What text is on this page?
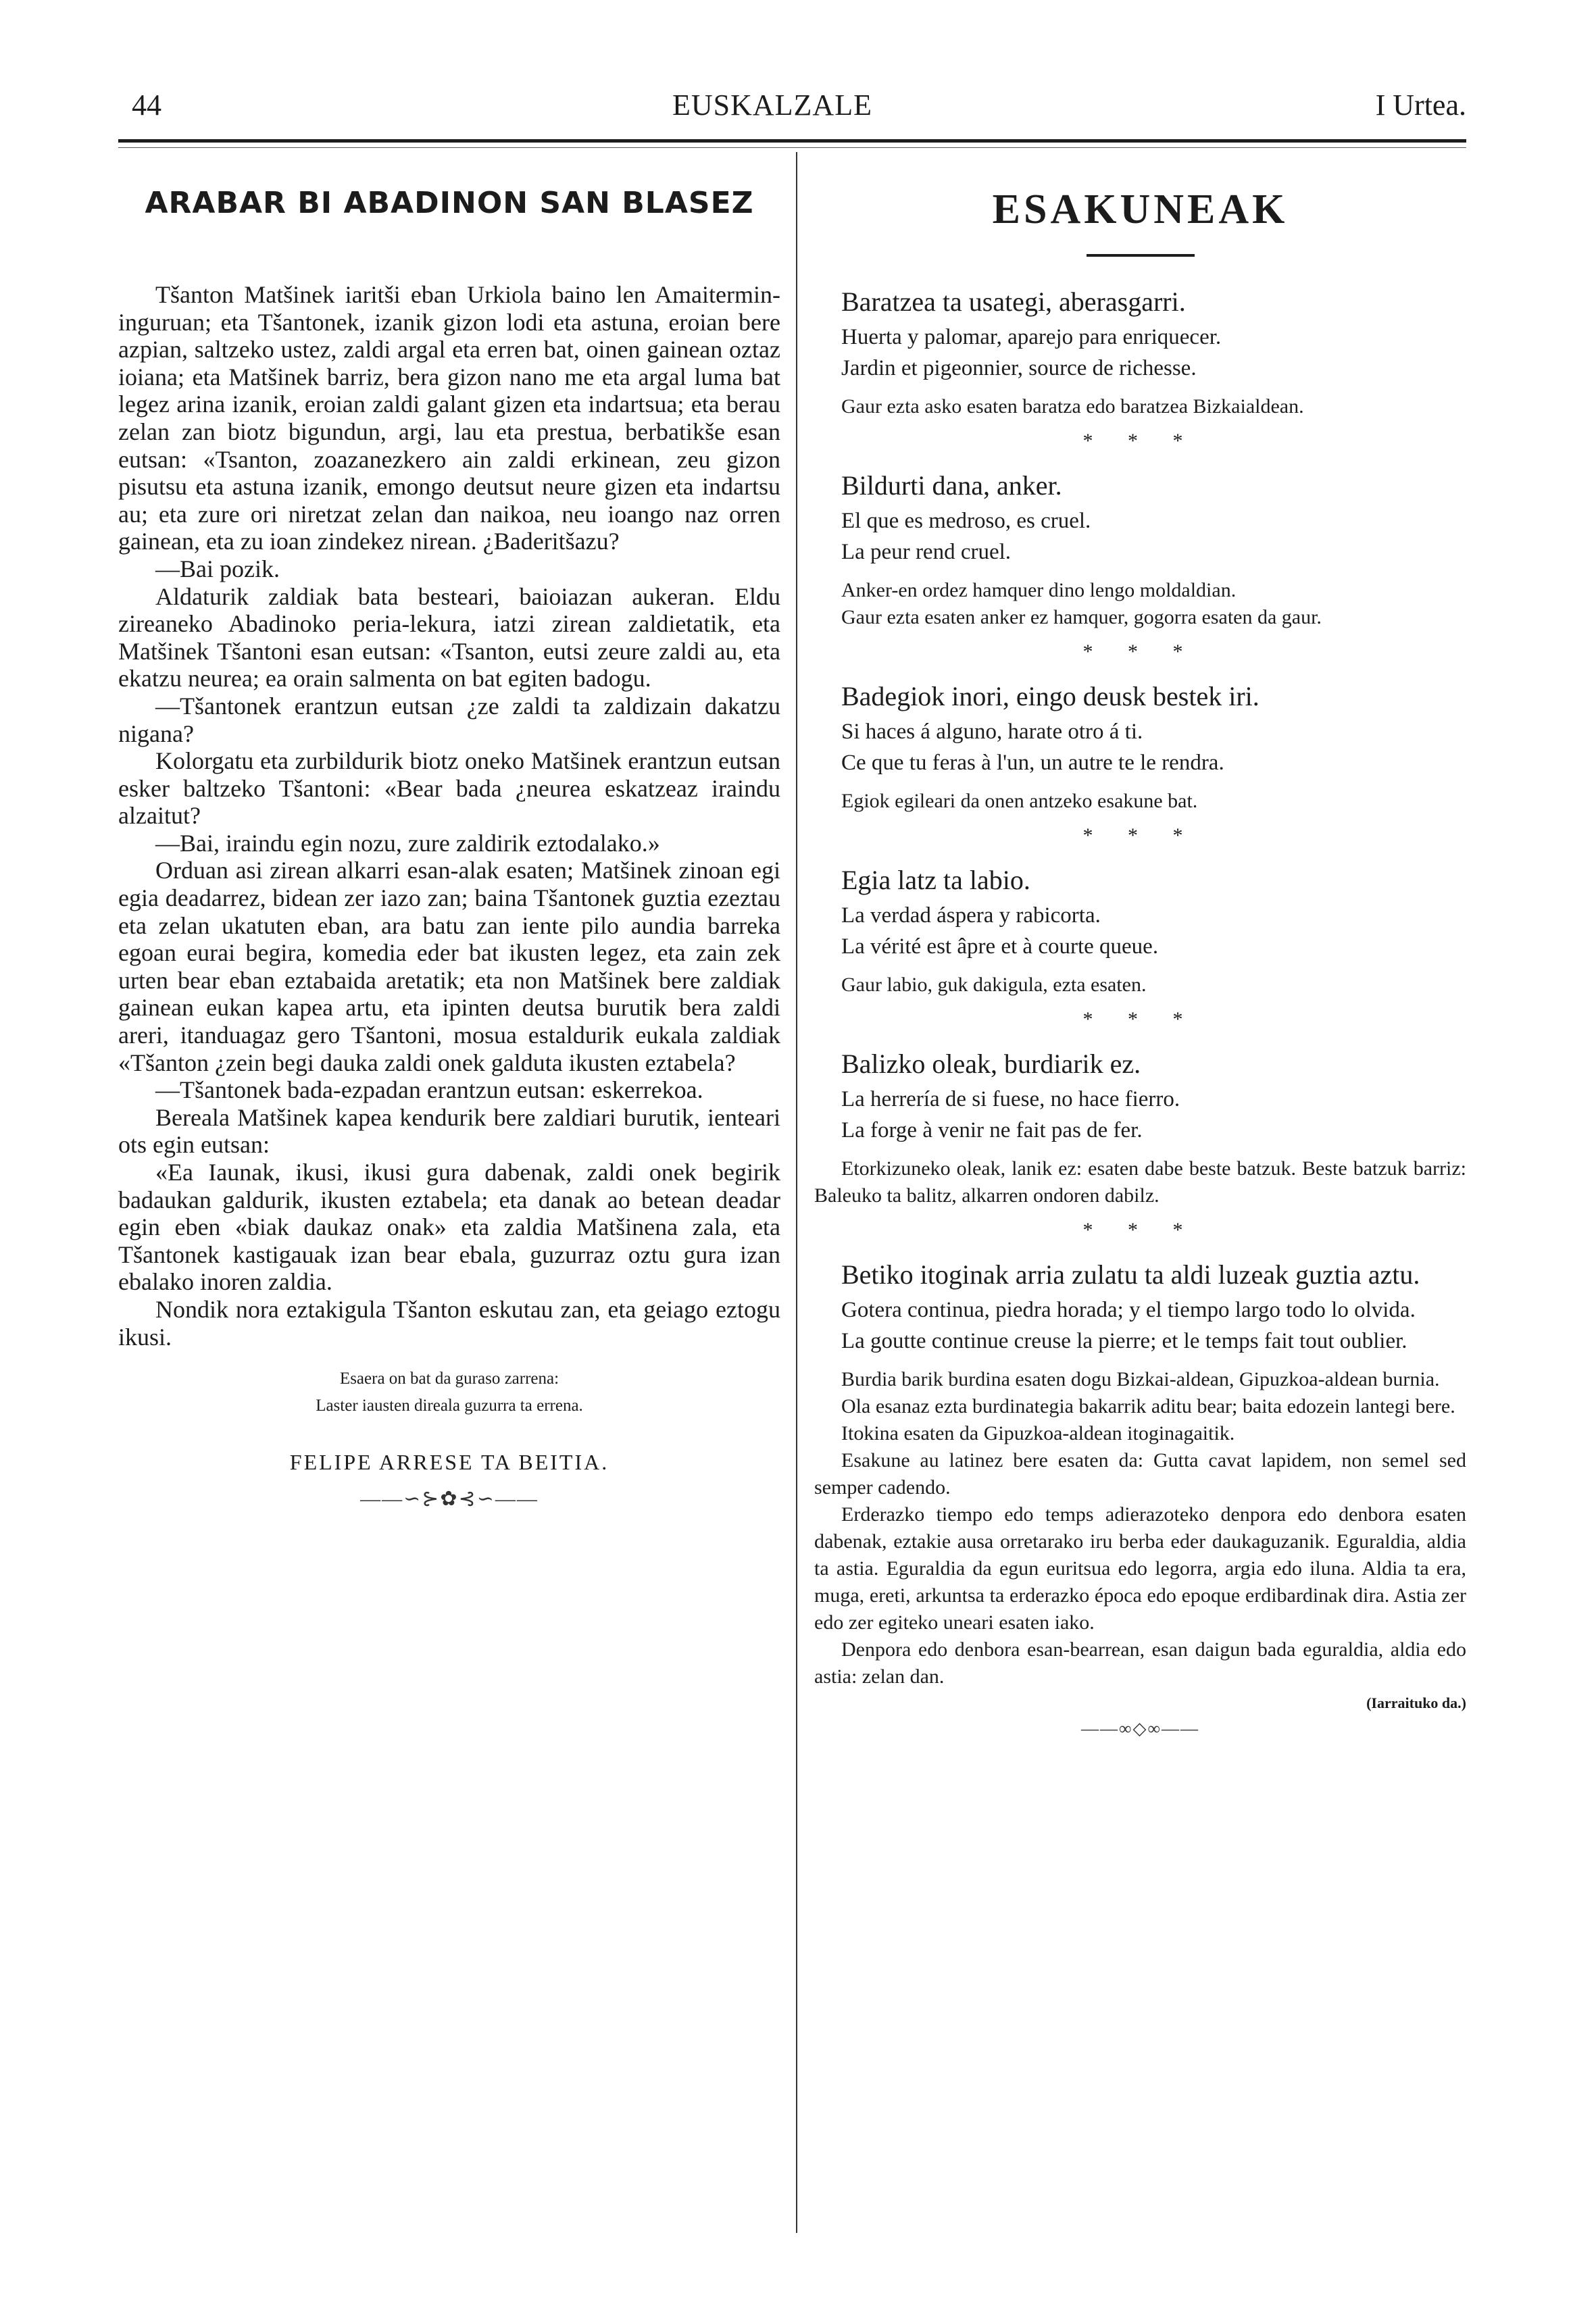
44	EUSKALZALE	I Urtea.
ARABAR BI ABADINON SAN BLASEZ

Tšanton Matšinek iaritši eban Urkiola baino len Amaitermin-inguruan; eta Tšantonek, izanik gizon lodi eta astuna, eroian bere azpian, saltzeko ustez, zaldi argal eta erren bat, oinen gainean oztaz ioiana; eta Matšinek barriz, bera gizon nano me eta argal luma bat legez arina izanik, eroian zaldi galant gizen eta indartsua; eta berau zelan zan biotz bigundun, argi, lau eta prestua, berbatikše esan eutsan: «Tsanton, zoazanezkero ain zaldi erkinean, zeu gizon pisutsu eta astuna izanik, emongo deutsut neure gizen eta indartsu au; eta zure ori niretzat zelan dan naikoa, neu ioango naz orren gainean, eta zu ioan zindekez nirean. ¿Baderitšazu?

—Bai pozik.

Aldaturik zaldiak bata besteari, baioiazan aukeran. Eldu zireaneko Abadinoko peria-lekura, iatzi zirean zaldietatik, eta Matšinek Tšantoni esan eutsan: «Tsanton, eutsi zeure zaldi au, eta ekatzu neurea; ea orain salmenta on bat egiten badogu.

—Tšantonek erantzun eutsan ¿ze zaldi ta zaldizain dakatzu nigana?

Kolorgatu eta zurbildurik biotz oneko Matšinek erantzun eutsan esker baltzeko Tšantoni: «Bear bada ¿neurea eskatzeaz iraindu alzaitut?

—Bai, iraindu egin nozu, zure zaldirik eztodalako.»

Orduan asi zirean alkarri esan-alak esaten; Matšinek zinoan egi egia deadarrez, bidean zer iazo zan; baina Tšantonek guztia ezeztau eta zelan ukatuten eban, ara batu zan iente pilo aundia barreka egoan eurai begira, komedia eder bat ikusten legez, eta zain zek urten bear eban eztabaida aretatik; eta non Matšinek bere zaldiak gainean eukan kapea artu, eta ipinten deutsa burutik bera zaldi areri, itanduagaz gero Tšantoni, mosua estaldurik eukala zaldiak «Tšanton ¿zein begi dauka zaldi onek galduta ikusten eztabela?

—Tšantonek bada-ezpadan erantzun eutsan: eskerrekoa.

Bereala Matšinek kapea kendurik bere zaldiari burutik, ienteari ots egin eutsan:

«Ea Iaunak, ikusi, ikusi gura dabenak, zaldi onek begirik badaukan galdurik, ikusten eztabela; eta danak ao betean deadar egin eben «biak daukaz onak» eta zaldia Matšinena zala, eta Tšantonek kastigauak izan bear ebala, guzurraz oztu gura izan ebalako inoren zaldia.

Nondik nora eztakigula Tšanton eskutau zan, eta geiago eztogu ikusi.

Esaera on bat da guraso zarrena:

Laster iausten direala guzurra ta errena.

FELIPE ARRESE TA BEITIA.
——∽⊱✿⊰∽——
ESAKUNEAK

Baratzea ta usategi, aberasgarri.

Huerta y palomar, aparejo para enriquecer.

Jardin et pigeonnier, source de richesse.

Gaur ezta asko esaten baratza edo baratzea Bizkaialdean.

* * *

Bildurti dana, anker.

El que es medroso, es cruel.

La peur rend cruel.

Anker-en ordez hamquer dino lengo moldaldian.

Gaur ezta esaten anker ez hamquer, gogorra esaten da gaur.

* * *

Badegiok inori, eingo deusk bestek iri.

Si haces á alguno, harate otro á ti.

Ce que tu feras à l'un, un autre te le rendra.

Egiok egileari da onen antzeko esakune bat.

* * *

Egia latz ta labio.

La verdad áspera y rabicorta.

La vérité est âpre et à courte queue.

Gaur labio, guk dakigula, ezta esaten.

* * *

Balizko oleak, burdiarik ez.

La herrería de si fuese, no hace fierro.

La forge à venir ne fait pas de fer.

Etorkizuneko oleak, lanik ez: esaten dabe beste batzuk. Beste batzuk barriz: Baleuko ta balitz, alkarren ondoren dabilz.

* * *

Betiko itoginak arria zulatu ta aldi luzeak guztia aztu.

Gotera continua, piedra horada; y el tiempo largo todo lo olvida.

La goutte continue creuse la pierre; et le temps fait tout oublier.

Burdia barik burdina esaten dogu Bizkai-aldean, Gipuzkoa-aldean burnia.

Ola esanaz ezta burdinategia bakarrik aditu bear; baita edozein lantegi bere.

Itokina esaten da Gipuzkoa-aldean itoginagaitik.

Esakune au latinez bere esaten da: Gutta cavat lapidem, non semel sed semper cadendo.

Erderazko tiempo edo temps adierazoteko denpora edo denbora esaten dabenak, eztakie ausa orretarako iru berba eder daukaguzanik. Eguraldia, aldia ta astia. Eguraldia da egun euritsua edo legorra, argia edo iluna. Aldia ta era, muga, ereti, arkuntsa ta erderazko época edo epoque erdibardinak dira. Astia zer edo zer egiteko uneari esaten iako.

Denpora edo denbora esan-bearrean, esan daigun bada eguraldia, aldia edo astia: zelan dan.

(Iarraituko da.)

——∞◇∞——
